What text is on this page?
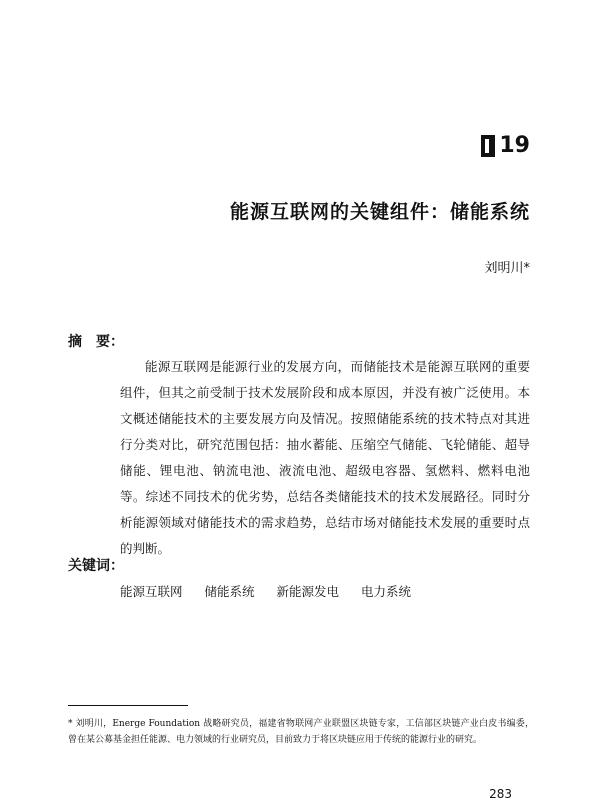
19
能源互联网的关键组件：储能系统
刘明川*
摘　要：
能源互联网是能源行业的发展方向，而储能技术是能源互联网的重要组件，但其之前受制于技术发展阶段和成本原因，并没有被广泛使用。本文概述储能技术的主要发展方向及情况。按照储能系统的技术特点对其进行分类对比，研究范围包括：抽水蓄能、压缩空气储能、飞轮储能、超导储能、锂电池、钠流电池、液流电池、超级电容器、氢燃料、燃料电池等。综述不同技术的优劣势，总结各类储能技术的技术发展路径。同时分析能源领域对储能技术的需求趋势，总结市场对储能技术发展的重要时点的判断。
关键词：
能源互联网 储能系统 新能源发电 电力系统
* 刘明川，Energe Foundation 战略研究员，福建省物联网产业联盟区块链专家，工信部区块链产业白皮书编委，曾在某公募基金担任能源、电力领域的行业研究员，目前致力于将区块链应用于传统的能源行业的研究。
283
